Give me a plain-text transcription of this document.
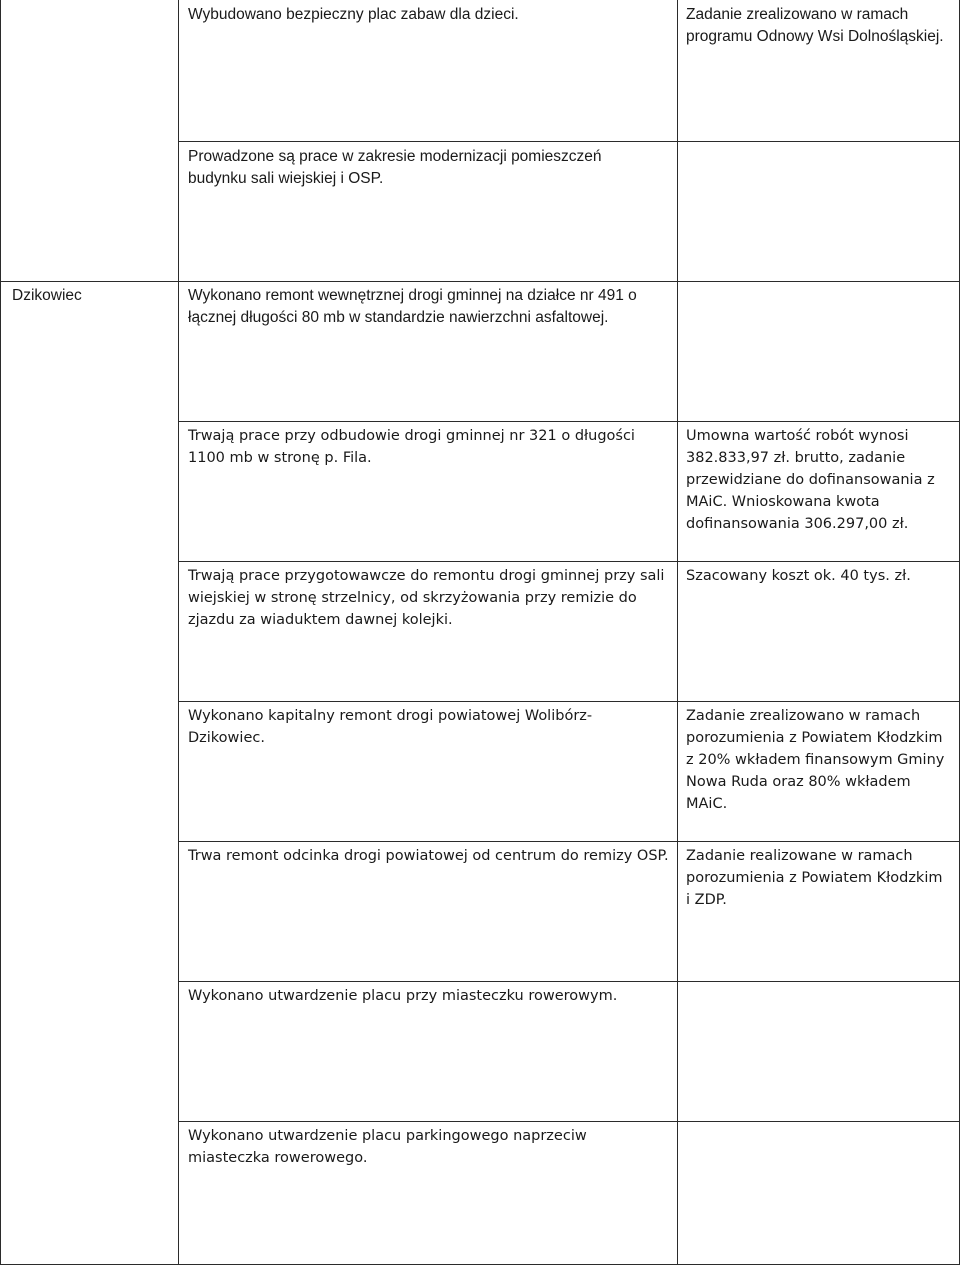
Wybudowano bezpieczny plac zabaw dla dzieci.	Zadanie zrealizowano w ramach programu Odnowy Wsi Dolnośląskiej.

Prowadzone są prace w zakresie modernizacji pomieszczeń budynku sali wiejskiej i OSP.

Dzikowiec	Wykonano remont wewnętrznej drogi gminnej na działce nr 491 o łącznej długości 80 mb w standardzie nawierzchni asfaltowej.

Trwają prace przy odbudowie drogi gminnej nr 321 o długości 1100 mb w stronę p. Fila.

Umowna wartość robót wynosi 382.833,97 zł. brutto, zadanie przewidziane do dofinansowania z MAiC. Wnioskowana kwota dofinansowania 306.297,00 zł.

Trwają prace przygotowawcze do remontu drogi gminnej przy sali wiejskiej w stronę strzelnicy, od skrzyżowania przy remizie do zjazdu za wiaduktem dawnej kolejki.

Szacowany koszt ok. 40 tys. zł.

Wykonano kapitalny remont drogi powiatowej Wolibórz-Dzikowiec.

Zadanie zrealizowano w ramach porozumienia z Powiatem Kłodzkim z 20% wkładem finansowym Gminy Nowa Ruda oraz 80% wkładem MAiC.

Trwa remont odcinka drogi powiatowej od centrum do remizy OSP. Zadanie realizowane w ramach porozumienia z Powiatem Kłodzkim i ZDP.

Wykonano utwardzenie placu przy miasteczku rowerowym.

Wykonano utwardzenie placu parkingowego naprzeciw miasteczka rowerowego.
